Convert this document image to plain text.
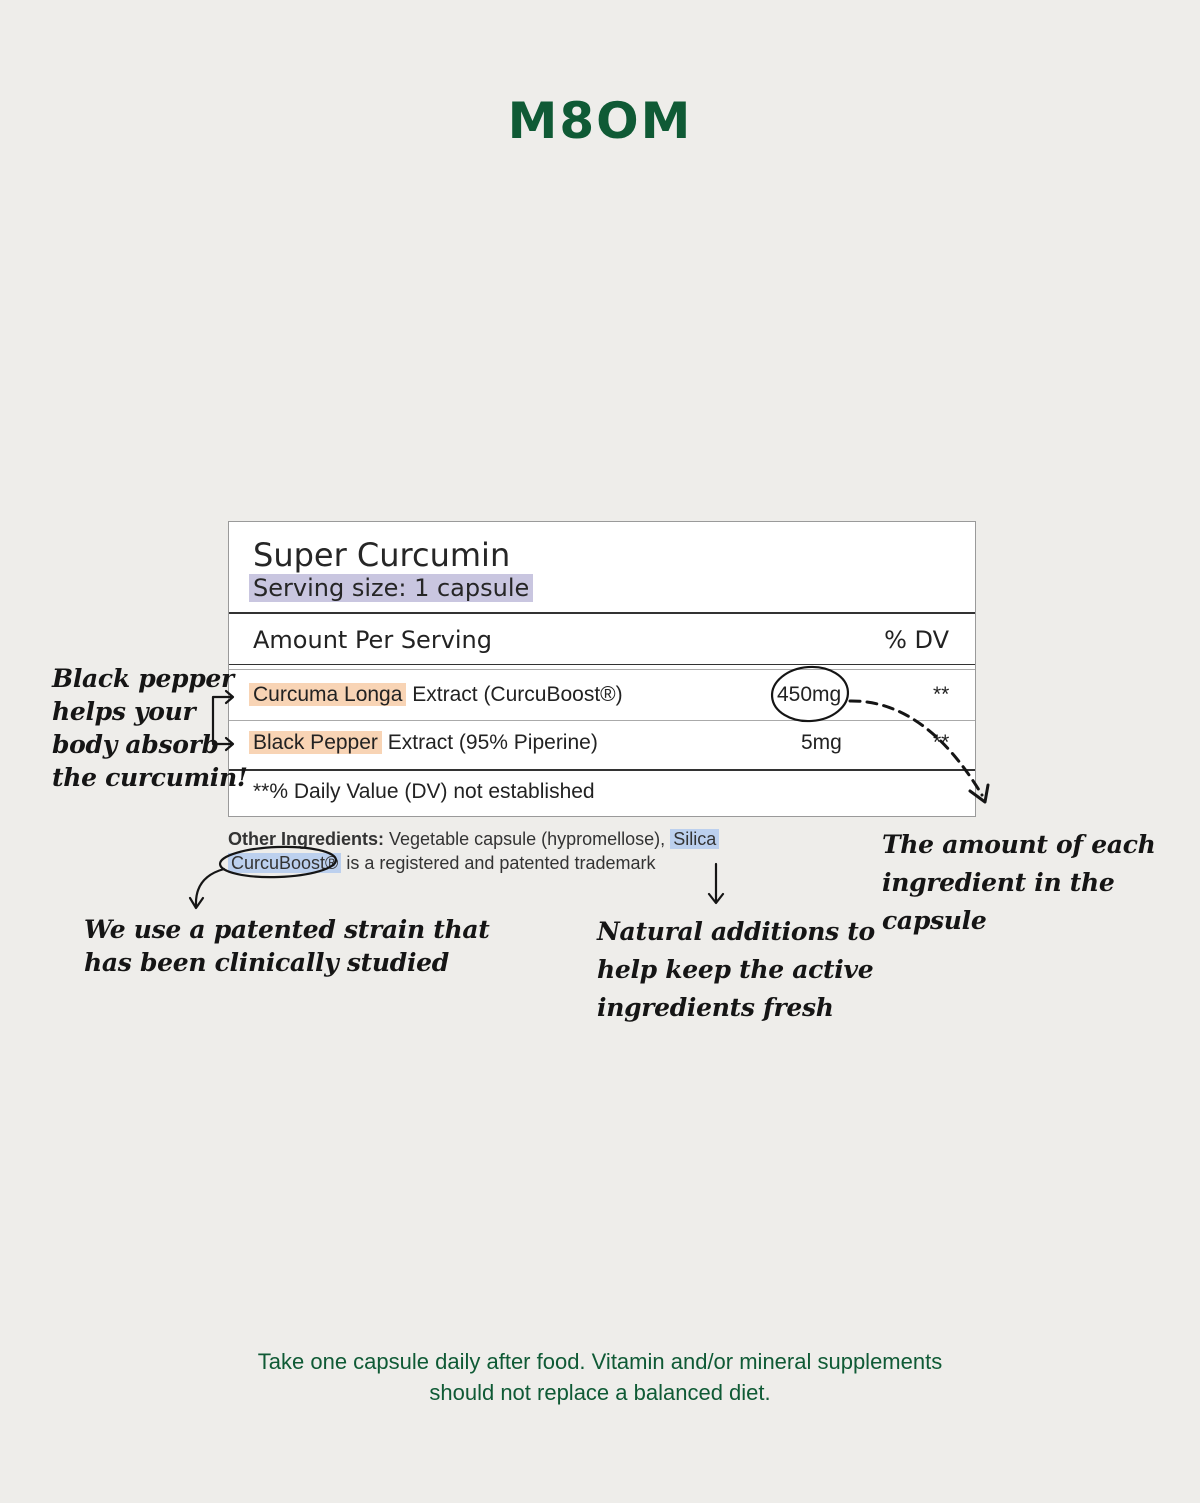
M8OM
Super Curcumin
Serving size: 1 capsule
Amount Per Serving	% DV
Curcuma Longa Extract (CurcuBoost®)	450mg	**
Black Pepper Extract (95% Piperine)	5mg	**
**% Daily Value (DV) not established
Other Ingredients: Vegetable capsule (hypromellose), Silica
CurcuBoost® is a registered and patented trademark
Black pepper
helps your
body absorb
the curcumin!
The amount of each
ingredient in the capsule
We use a patented strain that
has been clinically studied
Natural additions to
help keep the active
ingredients fresh
Take one capsule daily after food. Vitamin and/or mineral supplements
should not replace a balanced diet.
